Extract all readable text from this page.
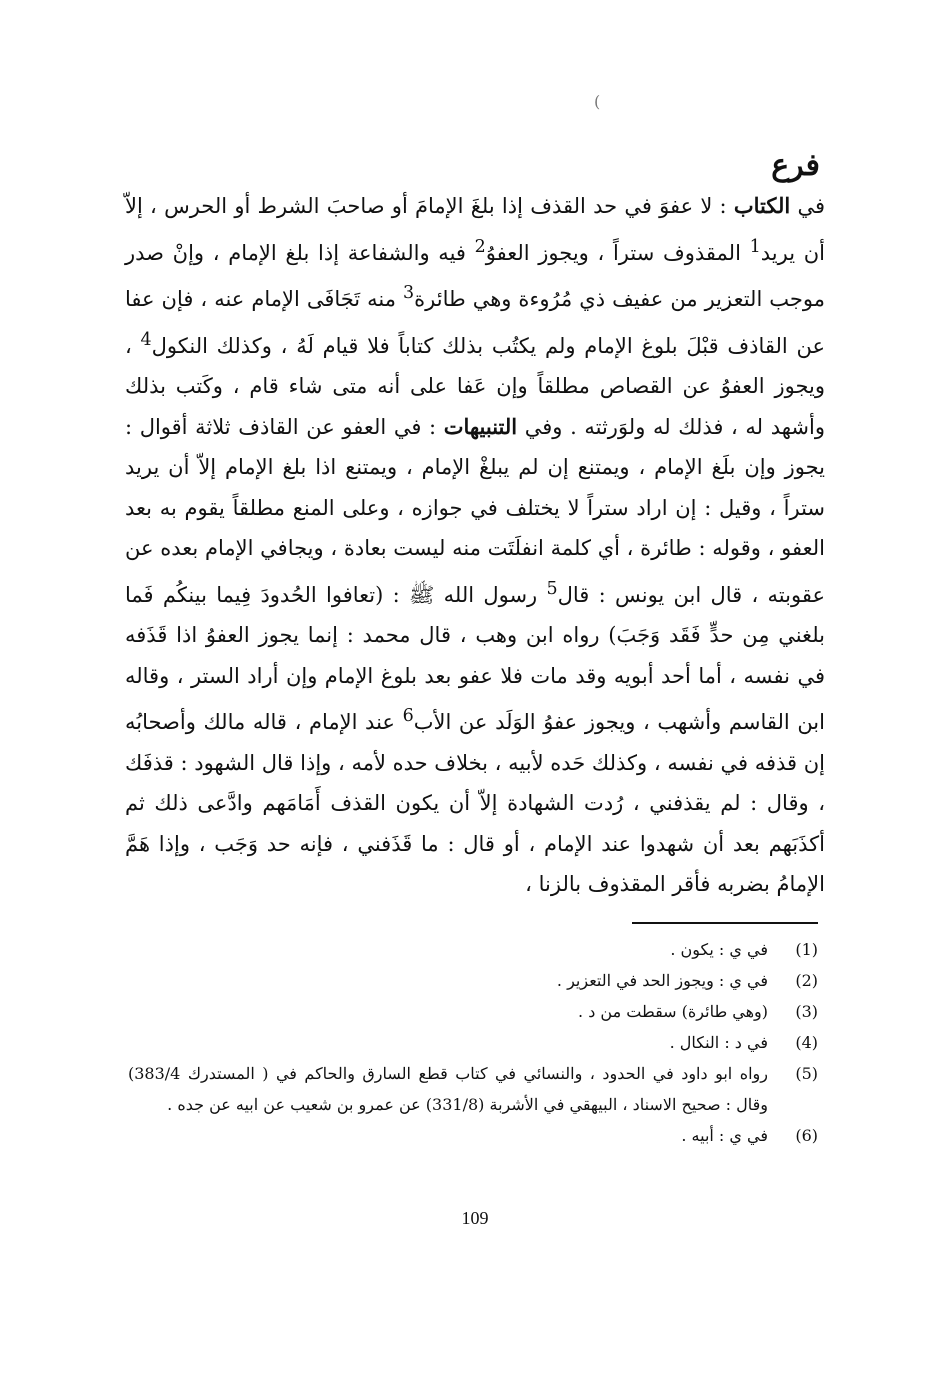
)
فرع

في الكتاب : لا عفوَ في حد القذف إذا بلغَ الإمامَ أو صاحبَ الشرط أو الحرس ، إلاّ أن يريد$^1$ المقذوف ستراً ، ويجوز العفوُ$^2$ فيه والشفاعة إذا بلغ الإمام ، وإنْ صدر موجب التعزير من عفيف ذي مُرُوءة وهي طائرة$^3$ منه تَجَافَى الإمام عنه ، فإن عفا عن القاذف قبْلَ بلوغ الإمام ولم يكتُب بذلك كتاباً فلا قيام لَهُ ، وكذلك النكول$^4$ ، ويجوز العفوُ عن القصاص مطلقاً وإن عَفا على أنه متى شاء قام ، وكَتب بذلك وأشهد له ، فذلك له ولوَرثته . وفي التنبيهات : في العفو عن القاذف ثلاثة أقوال : يجوز وإن بلَغ الإمام ، ويمتنع إن لم يبلغْ الإمام ، ويمتنع اذا بلغ الإمام إلاّ أن يريد ستراً ، وقيل : إن اراد ستراً لا يختلف في جوازه ، وعلى المنع مطلقاً يقوم به بعد العفو ، وقوله : طائرة ، أي كلمة انفلَتَت منه ليست بعادة ، ويجافي الإمام بعده عن عقوبته ، قال ابن يونس : قال$^5$ رسول الله ﷺ : (تعافوا الحُدودَ فِيما بينكُم فَما بلغني مِن حدٍّ فَقَد وَجَبَ) رواه ابن وهب ، قال محمد : إنما يجوز العفوُ اذا قَذَفه في نفسه ، أما أحد أبويه وقد مات فلا عفو بعد بلوغ الإمام وإن أراد الستر ، وقاله ابن القاسم وأشهب ، ويجوز عفوُ الوَلَد عن الأب$^6$ عند الإمام ، قاله مالك وأصحابُه إن قذفه في نفسه ، وكذلك حَده لأبيه ، بخلاف حده لأمه ، وإذا قال الشهود : قذفَك ، وقال : لم يقذفني ، رُدت الشهادة إلاّ أن يكون القذف أَمَامَهم وادَّعى ذلك ثم أكذَبَهم بعد أن شهدوا عند الإمام ، أو قال : ما قَذَفني ، فإنه حد وَجَب ، وإذا هَمَّ الإمامُ بضربه فأقر المقذوف بالزنا ،

(1)
في ي : يكون .
(2)
في ي : ويجوز الحد في التعزير .
(3)
(وهي طائرة) سقطت من د .
(4)
في د : النكال .
(5)
رواه ابو داود في الحدود ، والنسائي في كتاب قطع السارق والحاكم في ( المستدرك 383/4) وقال : صحيح الاسناد ، البيهقي في الأشربة (331/8) عن عمرو بن شعيب عن ابيه عن جده .
(6)
في ي : أبيه .
109
